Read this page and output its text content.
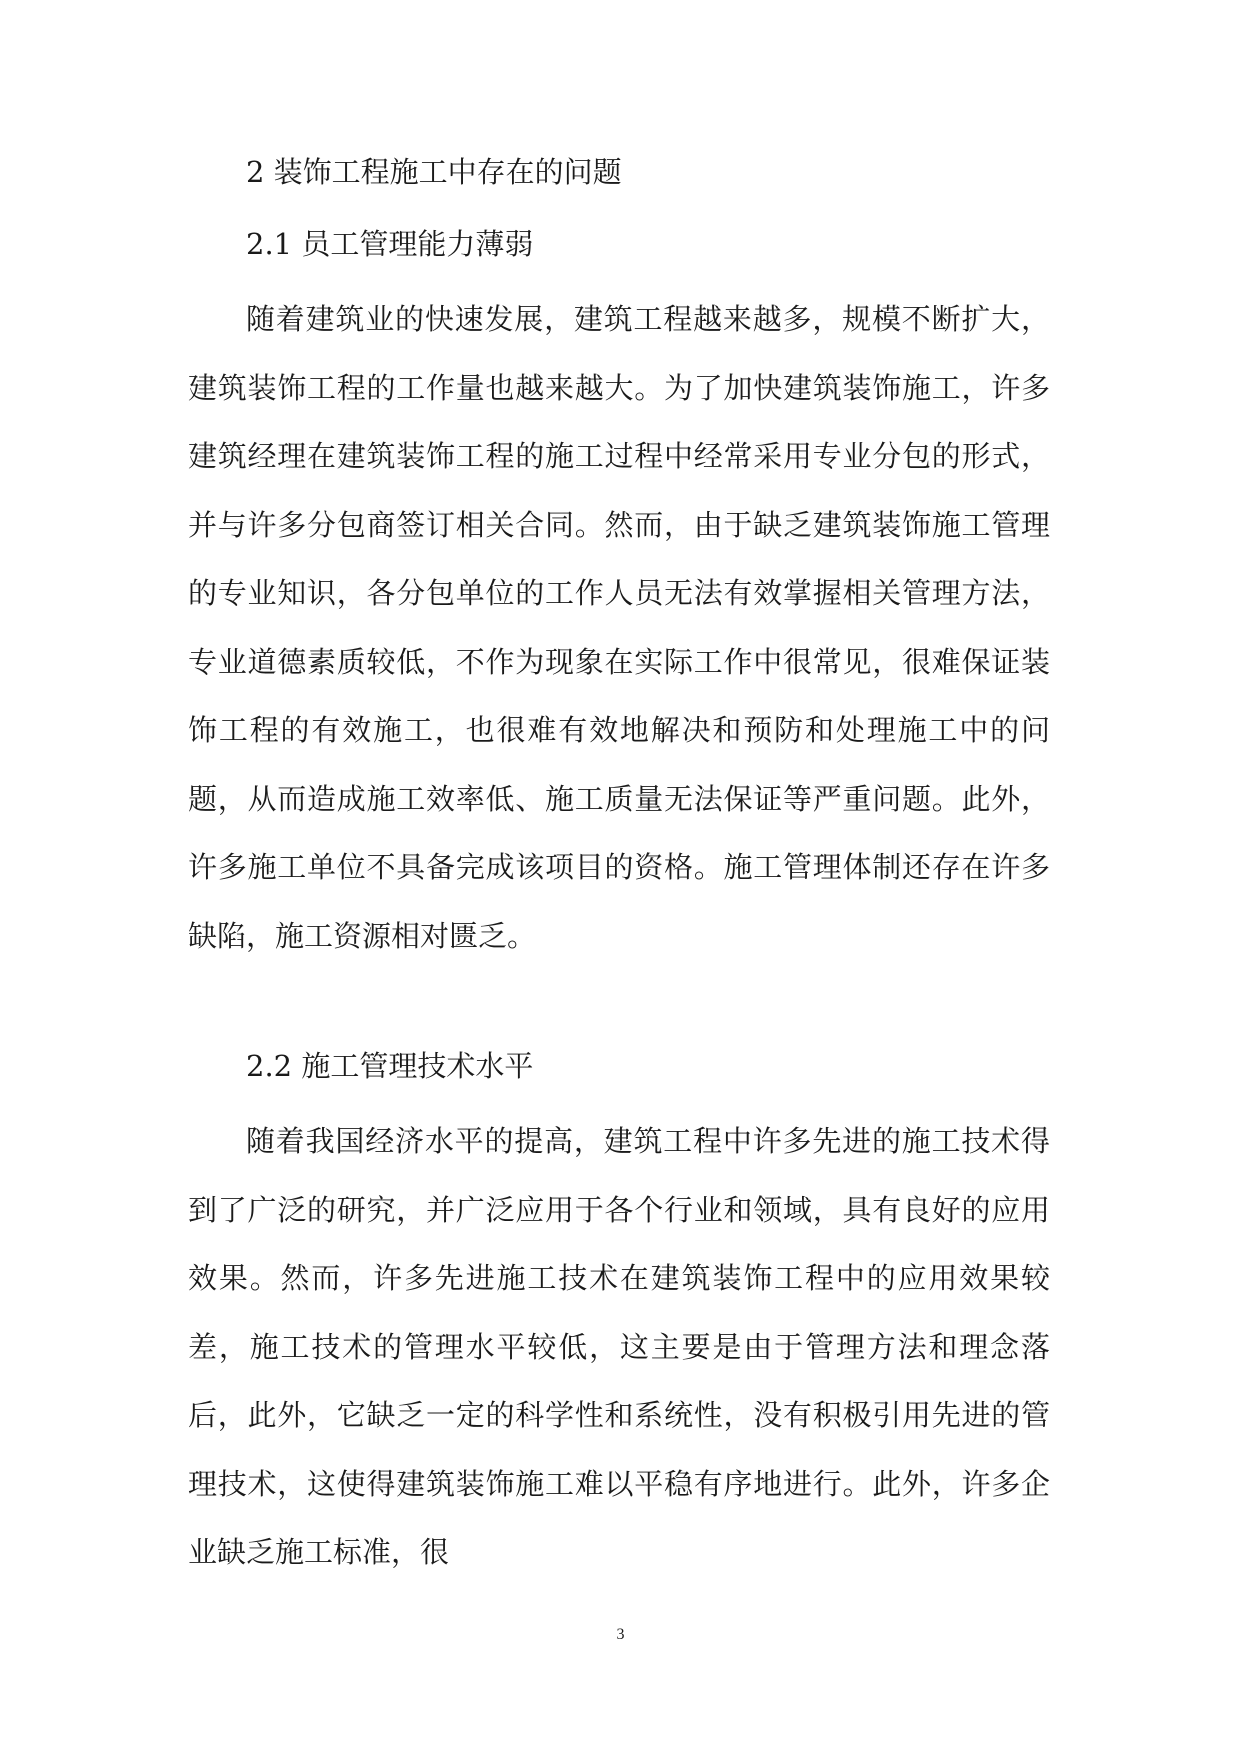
2 装饰工程施工中存在的问题
2.1 员工管理能力薄弱

随着建筑业的快速发展，建筑工程越来越多，规模不断扩大，建筑装饰工程的工作量也越来越大。为了加快建筑装饰施工，许多建筑经理在建筑装饰工程的施工过程中经常采用专业分包的形式，并与许多分包商签订相关合同。然而，由于缺乏建筑装饰施工管理的专业知识，各分包单位的工作人员无法有效掌握相关管理方法，专业道德素质较低，不作为现象在实际工作中很常见，很难保证装饰工程的有效施工，也很难有效地解决和预防和处理施工中的问题，从而造成施工效率低、施工质量无法保证等严重问题。此外，许多施工单位不具备完成该项目的资格。施工管理体制还存在许多缺陷，施工资源相对匮乏。

2.2 施工管理技术水平

随着我国经济水平的提高，建筑工程中许多先进的施工技术得到了广泛的研究，并广泛应用于各个行业和领域，具有良好的应用效果。然而，许多先进施工技术在建筑装饰工程中的应用效果较差，施工技术的管理水平较低，这主要是由于管理方法和理念落后，此外，它缺乏一定的科学性和系统性，没有积极引用先进的管理技术，这使得建筑装饰施工难以平稳有序地进行。此外，许多企业缺乏施工标准，很

3
